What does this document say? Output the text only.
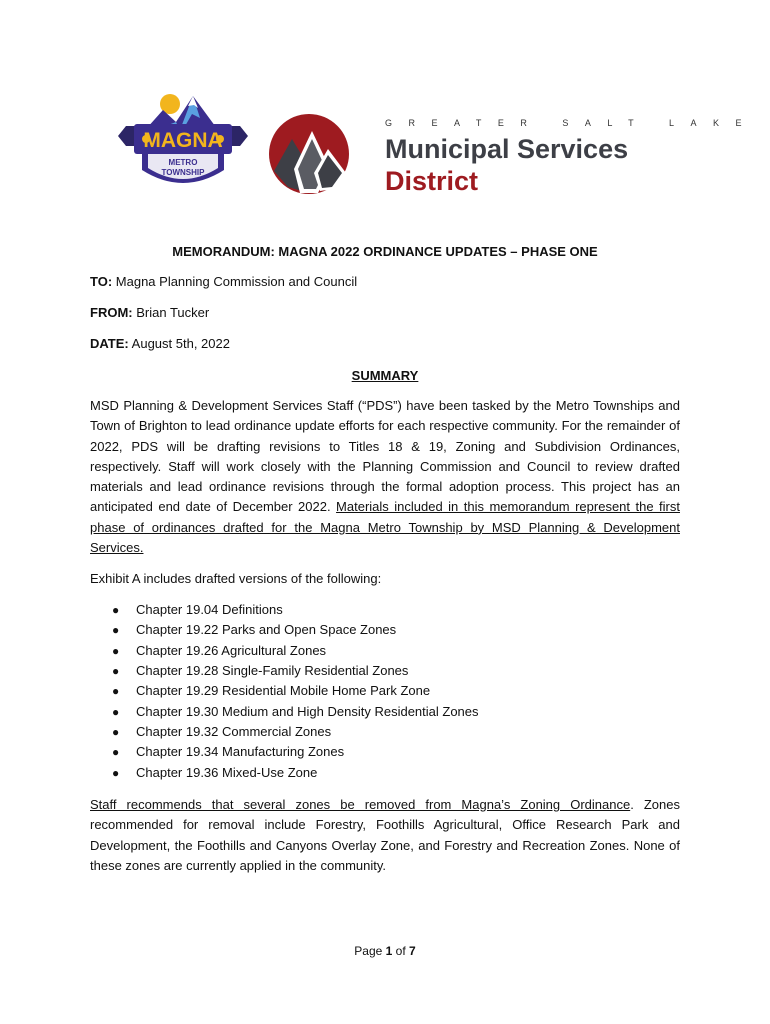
MAGNA
METRO
TOWNSHIP
GREATER SALT LAKE
Municipal Services
District
MEMORANDUM: MAGNA 2022 ORDINANCE UPDATES – PHASE ONE
TO: Magna Planning Commission and Council
FROM: Brian Tucker
DATE: August 5th, 2022
SUMMARY
MSD Planning & Development Services Staff (“PDS”) have been tasked by the Metro Townships and Town of Brighton to lead ordinance update efforts for each respective community. For the remainder of 2022, PDS will be drafting revisions to Titles 18 & 19, Zoning and Subdivision Ordinances, respectively. Staff will work closely with the Planning Commission and Council to review drafted materials and lead ordinance revisions through the formal adoption process. This project has an anticipated end date of December 2022. Materials included in this memorandum represent the first phase of ordinances drafted for the Magna Metro Township by MSD Planning & Development Services.
Exhibit A includes drafted versions of the following:
● Chapter 19.04 Definitions
● Chapter 19.22 Parks and Open Space Zones
● Chapter 19.26 Agricultural Zones
● Chapter 19.28 Single-Family Residential Zones
● Chapter 19.29 Residential Mobile Home Park Zone
● Chapter 19.30 Medium and High Density Residential Zones
● Chapter 19.32 Commercial Zones
● Chapter 19.34 Manufacturing Zones
● Chapter 19.36 Mixed-Use Zone
Staff recommends that several zones be removed from Magna’s Zoning Ordinance. Zones recommended for removal include Forestry, Foothills Agricultural, Office Research Park and Development, the Foothills and Canyons Overlay Zone, and Forestry and Recreation Zones. None of these zones are currently applied in the community.
Page 1 of 7
